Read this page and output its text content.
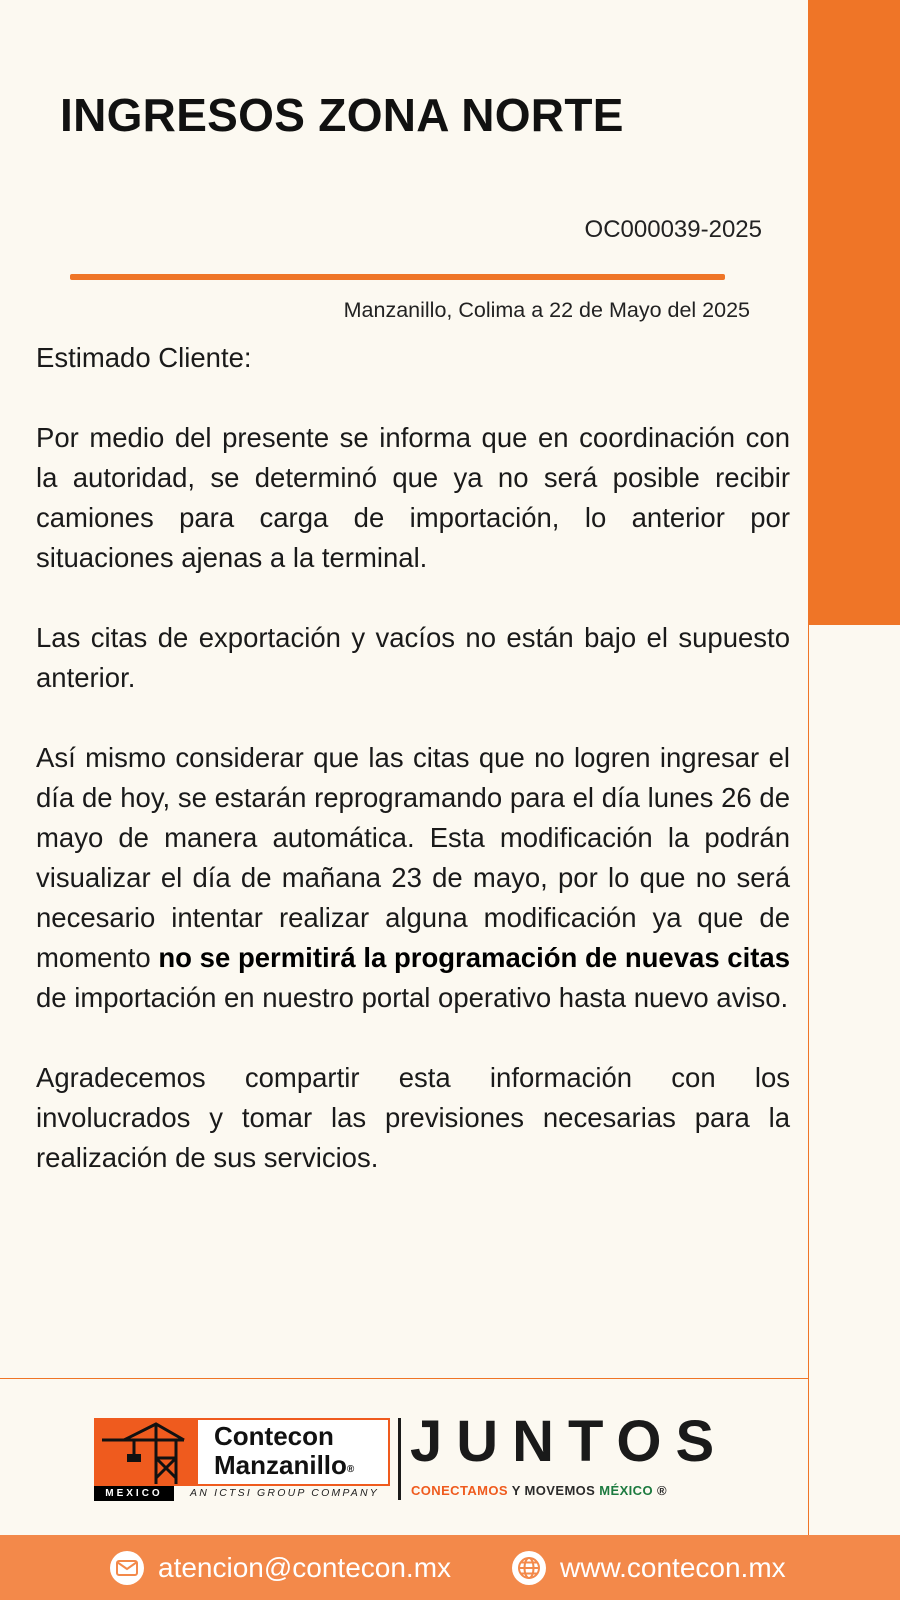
INGRESOS ZONA NORTE
OC000039-2025
Manzanillo, Colima a 22 de Mayo del 2025

Estimado Cliente:

Por medio del presente se informa que en coordinación con la autoridad, se determinó que ya no será posible recibir camiones para carga de importación, lo anterior por situaciones ajenas a la terminal.

Las citas de exportación y vacíos no están bajo el supuesto anterior.

Así mismo considerar que las citas que no logren ingresar el día de hoy, se estarán reprogramando para el día lunes 26 de mayo de manera automática. Esta modificación la podrán visualizar el día de mañana 23 de mayo, por lo que no será necesario intentar realizar alguna modificación ya que de momento no se permitirá la programación de nuevas citas de importación en nuestro portal operativo hasta nuevo aviso.

Agradecemos compartir esta información con los involucrados y tomar las previsiones necesarias para la realización de sus servicios.

Contecon
Manzanillo®
MEXICO	AN ICTSI GROUP COMPANY
JUNTOS
CONECTAMOS Y MOVEMOS MÉXICO ®
atencion@contecon.mx	www.contecon.mx
